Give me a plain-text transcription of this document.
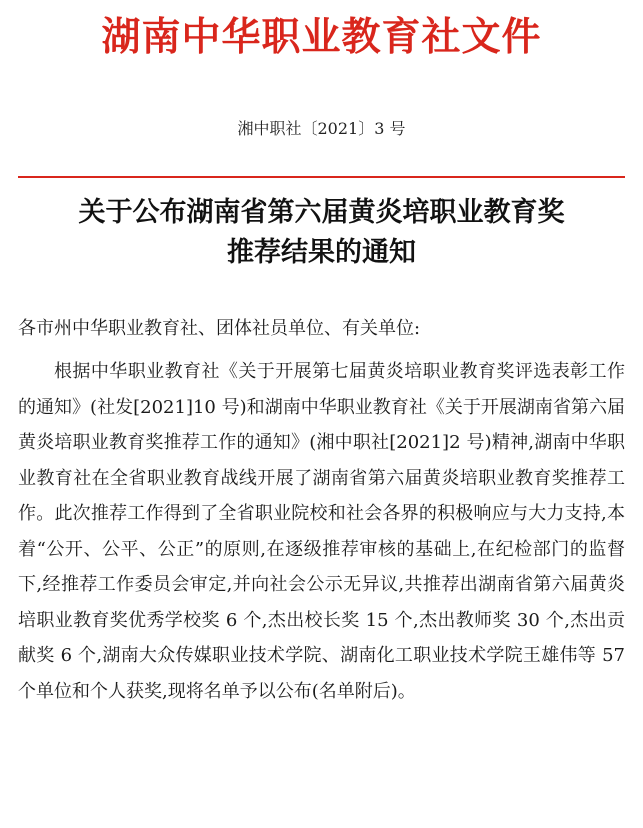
湖南中华职业教育社文件
湘中职社〔2021〕3 号
关于公布湖南省第六届黄炎培职业教育奖
推荐结果的通知
各市州中华职业教育社、团体社员单位、有关单位:

根据中华职业教育社《关于开展第七届黄炎培职业教育奖评选表彰工作的通知》(社发[2021]10 号)和湖南中华职业教育社《关于开展湖南省第六届黄炎培职业教育奖推荐工作的通知》(湘中职社[2021]2 号)精神,湖南中华职业教育社在全省职业教育战线开展了湖南省第六届黄炎培职业教育奖推荐工作。此次推荐工作得到了全省职业院校和社会各界的积极响应与大力支持,本着“公开、公平、公正”的原则,在逐级推荐审核的基础上,在纪检部门的监督下,经推荐工作委员会审定,并向社会公示无异议,共推荐出湖南省第六届黄炎培职业教育奖优秀学校奖 6 个,杰出校长奖 15 个,杰出教师奖 30 个,杰出贡献奖 6 个,湖南大众传媒职业技术学院、湖南化工职业技术学院王雄伟等 57 个单位和个人获奖,现将名单予以公布(名单附后)。
